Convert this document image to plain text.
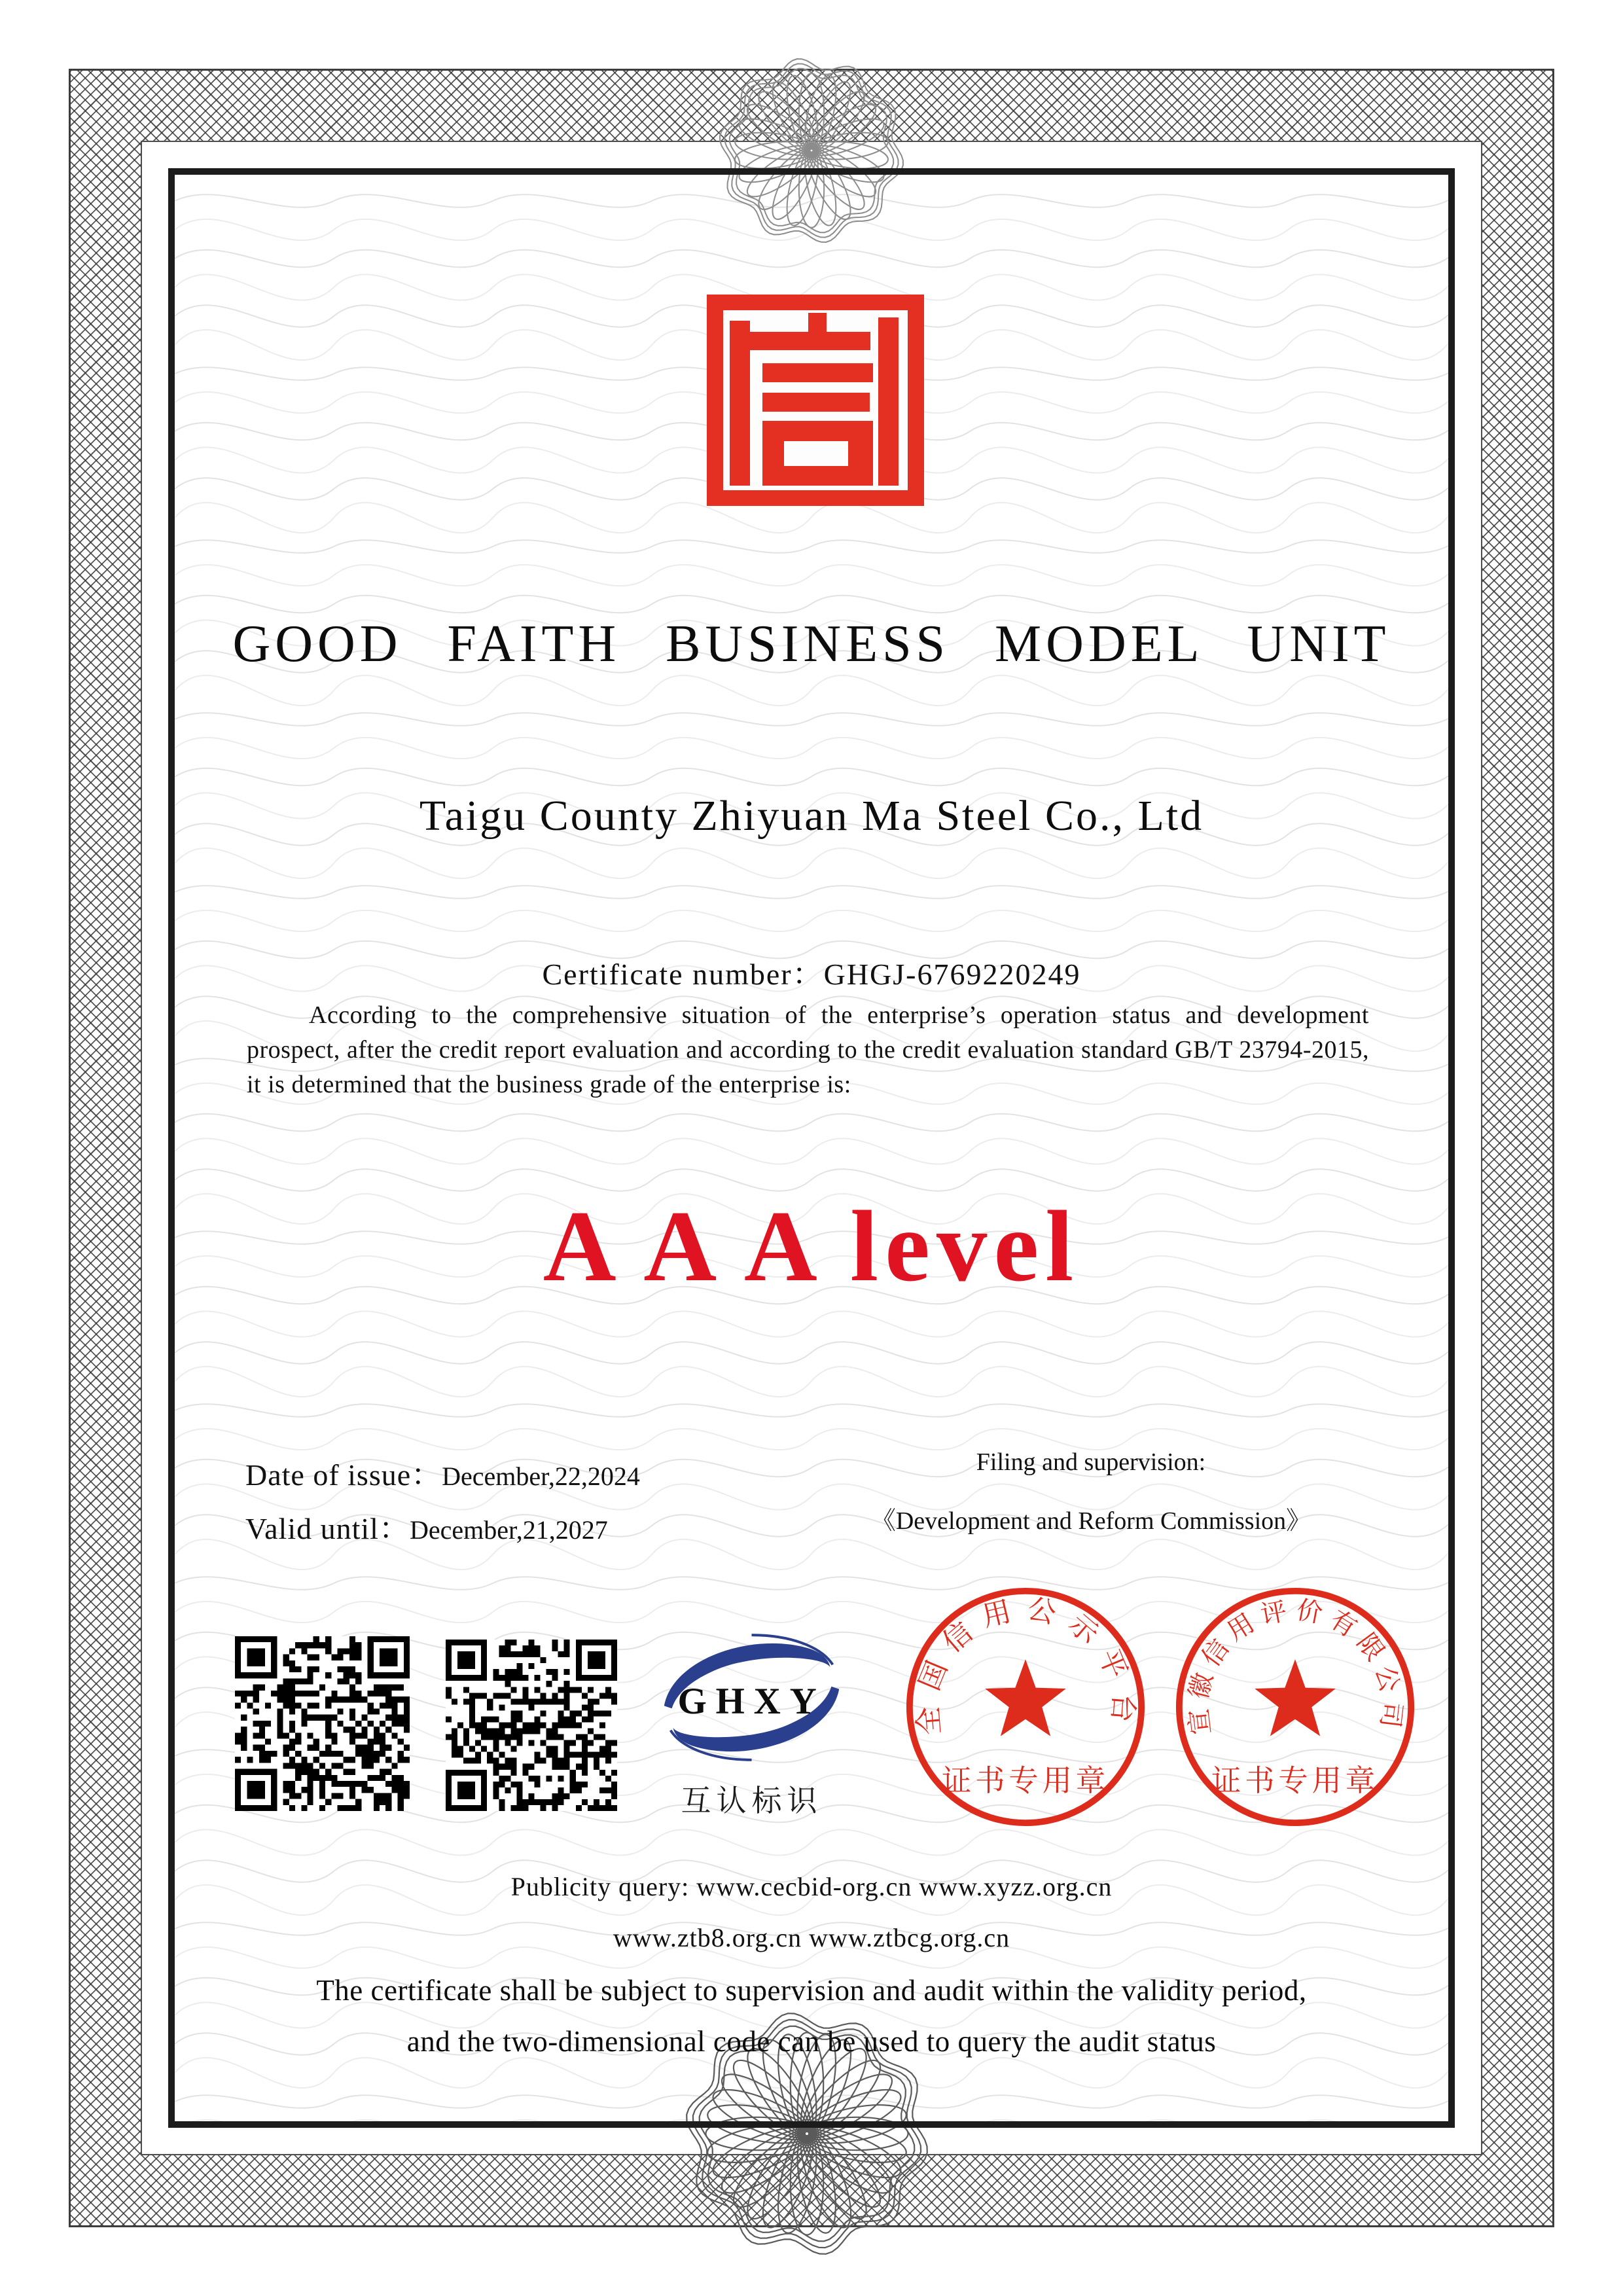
GOOD FAITH BUSINESS MODEL UNIT
Taigu County Zhiyuan Ma Steel Co., Ltd
Certificate number：GHGJ-6769220249
According to the comprehensive situation of the enterprise’s operation status and development prospect, after the credit report evaluation and according to the credit evaluation standard GB/T 23794-2015, it is determined that the business grade of the enterprise is:
A A A level
Date of issue：December,22,2024
Valid until：December,21,2027
Filing and supervision:
《Development and Reform Commission》
GHXY
互认标识
全国信用公示平台
证书专用章
宣徽信用评价有限公司
证书专用章
Publicity query: www.cecbid-org.cn www.xyzz.org.cn
www.ztb8.org.cn www.ztbcg.org.cn
The certificate shall be subject to supervision and audit within the validity period,
and the two-dimensional code can be used to query the audit status
